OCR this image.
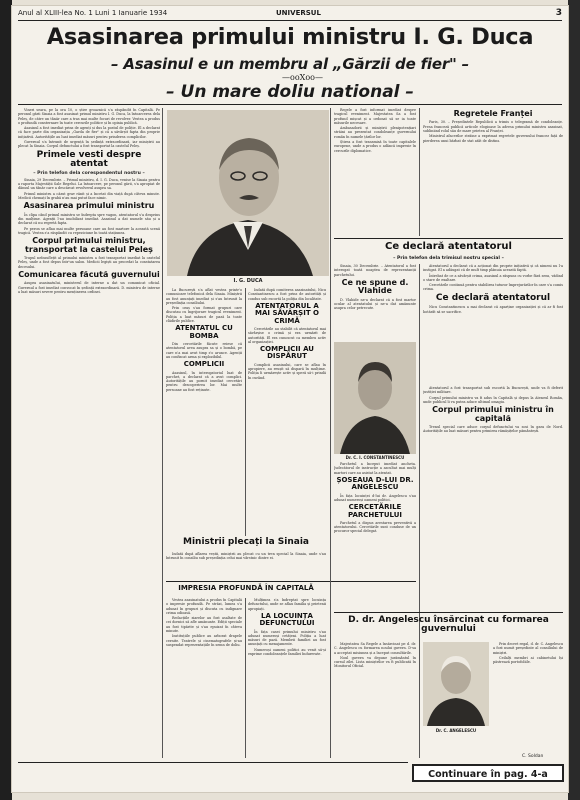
Anul al XLIII-lea No. 1 Luni 1 Ianuarie 1934	UNIVERSUL	3
Asasinarea primului ministru I. G. Duca
– Asasinul e un membru al „Gărzii de fier" –
—ooXoo—
– Un mare doliu national –

Vineri seara, pe la ora 10, o știre groaznică s'a răspândit în Capitală. Pe peronul gării Sinaia a fost asasinat primul ministru I. G. Duca, la întoarcerea dela Peleș, de către un tânăr care a tras mai multe focuri de revolver. Vestea a produs o profundă consternare în toate cercurile politice și în opinia publică.

Asasinul a fost imediat prins de agenți și dus la postul de poliție. El a declarat că face parte din organizația „Garda de fier" și că a săvârșit fapta din proprie inițiativă. Autoritățile au luat imediat măsuri pentru prinderea complicilor.

Guvernul s'a întrunit de urgență în ședință extraordinară, iar miniștrii au plecat la Sinaia. Corpul defunctului a fost transportat la castelul Peleș.

Primele vesti despre atentat
– Prin telefon dela corespondentul nostru –

Sinaia, 29 Decembrie. – Primul ministru, d. I. G. Duca, venise la Sinaia pentru a raporta Majestății Sale Regelui. La întoarcere, pe peronul gării, s'a apropiat de dânsul un tânăr care a descărcat revolverul asupra sa.

Primul ministru a căzut grav rănit și a încetat din viață după câteva minute. Medicii chemați în grabă n'au mai putut face nimic.

Asasinarea primului ministru

În clipa când primul ministru se îndrepta spre vagon, atentatorul s'a desprins din mulțime. Agenții l-au imobilizat imediat. Asasinul a dat numele său și a declarat că nu regretă fapta.

Pe peron se aflau mai multe persoane care au fost martore la această scenă tragică. Vestea s'a răspândit cu repeziciune în toată stațiunea.

Corpul primului ministru, transportat la castelul Peleș

Trupul neînsuflețit al primului ministru a fost transportat imediat la castelul Peleș, unde a fost depus într'un salon. Medicii legiști au procedat la constatarea decesului.

Comunicarea făcută guvernului

Asupra asasinatului, ministerul de interne a dat un comunicat oficial. Guvernul a fost imediat convocat în ședință extraordinară. D. ministru de interne a luat măsuri severe pentru menținerea ordinei.

I. G. DUCA

La București s'a aflat vestea printr'o comunicare telefonică dela Sinaia. Miniștrii au fost anunțați imediat și s'au întrunit la președinția consiliului.

Prin oraș s'au format grupuri care discutau cu îngrijorare tragicul eveniment. Poliția a luat măsuri de pază la toate clădirile publice.

ATENTATUL CU BOMBA

Din cercetările făcute reiese că atentatorul avea asupra sa și o bombă, pe care n'a mai avut timp s'o arunce. Agenții au confiscat arma și explozibilul.

COMPLICII

Asasinul, în interogatoriul luat de parchet, a declarat că a avut complici. Autoritățile au pornit imediat cercetări pentru descoperirea lor. Mai multe persoane au fost reținute.

Îndată după comiterea asasinatului, Nicu Constantinescu a fost prins de autorități și condus sub escortă la poliția din localitate.

ATENTATORUL A MAI SĂVÂRȘIT O CRIMĂ

Cercetările au stabilit că atentatorul mai săvârșise o crimă și era urmărit de autorități. El era cunoscut ca membru activ al organizației.

COMPLICII AU DISPĂRUT

Complicii asasinului, care se aflau în apropiere, au reușit să dispară în mulțime. Poliția îi urmărește activ și speră să-i prindă în curând.

Ministrii plecați la Sinaia

Îndată după aflarea veștii, miniștrii au plecat cu un tren special la Sinaia, unde s'au întrunit în consiliu sub președinția celui mai vârstnic dintre ei.

IMPRESIA PROFUNDĂ ÎN CAPITALĂ

Vestea asasinatului a produs în Capitală o impresie profundă. Pe străzi, lumea s'a adunat în grupuri și discuta cu indignare crima odioasă.

Redacțiile ziarelor au fost asaltate de cei dornici să afle amănunte. Ediții speciale au fost tipărite și s'au epuizat în câteva minute.

Instituțiile publice au arborat drapele cernite. Teatrele și cinematografele și-au suspendat reprezentațiile în semn de doliu.

Mulțimea s'a îndreptat spre locuința defunctului, unde se aflau familia și prietenii apropiați.

LA LOCUINȚA DEFUNCTULUI

În fața casei primului ministru s'au adunat numeroși cetățeni. Poliția a luat măsuri de pază. Membrii familiei au fost anunțați cu menajamente.

Numeroși oameni politici au venit să-și exprime condoleanțele familiei îndurerate.

Dr. C. I. CONSTANTINESCU

Regele a fost informat imediat despre tragicul eveniment. Majestatea Sa a fost profund mișcat și a ordonat să se ia toate măsurile necesare.

Ambasadorii și miniștrii plenipotențiari străini au prezentat condoleanțe guvernului român în numele țărilor lor.

Știrea a fost transmisă în toate capitalele europene, unde a produs o adâncă impresie în cercurile diplomatice.

Regretele Franței

Paris, 30. – Președintele Republicii a trimis o telegramă de condoleanțe. Presa franceză publică articole elogioase la adresa primului ministru asasinat, subliniind rolul său de mare prieten al Franței.

Ministrul afacerilor străine a exprimat regretele guvernului francez față de pierderea unui bărbat de stat atât de distins.

Ce declară atentatorul
– Prin telefon dela trimisul nostru special –

Sinaia, 30 Decembrie. – Atentatorul a fost interogat toată noaptea de reprezentanții parchetului.

Ce ne spune d. Vlahide

D. Vlahide ne-a declarat că a fost martor ocular al atentatului și ne-a dat amănunte asupra celor petrecute.

Atentatorul a declarat că a acționat din proprie inițiativă și că nimeni nu l-a instigat. El a adăugat că de mult timp plănuia această faptă.

Întrebat de ce a săvârșit crima, asasinul a răspuns cu vorbe fără sens, vădind o stare de exaltare.

Cercetările continuă pentru stabilirea tuturor împrejurărilor în care s'a comis crima.

Ce declară atentatorul

Nicu Constantinescu a mai declarat că aparține organizației și că ar fi fost hotărât să se sacrifice.

Parchetul a început imediat ancheta. Judecătorul de instrucție a ascultat mai mulți martori care au asistat la atentat.

ȘOSEAUA D-LUI DR. ANGELESCU

În fața locuinței d-lui dr. Angelescu s'au adunat numeroși oameni politici.

CERCETĂRILE PARCHETULUI

Parchetul a dispus arestarea preventivă a atentatorului. Cercetările sunt conduse de un procuror special delegat.

Atentatorul a fost transportat sub escortă la București, unde va fi deferit justiției militare.

Corpul primului ministru va fi adus în Capitală și depus la Ateneul Român, unde publicul îi va putea aduce ultimul omagiu.

Corpul primului ministru în capitală

Trenul special care aduce corpul defunctului va sosi în gara de Nord. Autoritățile au luat măsuri pentru primirea rămășițelor pământești.

D. dr. Angelescu însărcinat cu formarea guvernului
Dr. C. ANGELESCU

Majestatea Sa Regele a însărcinat pe d. dr. C. Angelescu cu formarea noului guvern. D-sa a acceptat misiunea și a început consultările.

Noul guvern va depune jurământul în cursul zilei. Lista miniștrilor va fi publicată în Monitorul Oficial.

Prin decret regal, d. dr. C. Angelescu a fost numit președinte al consiliului de miniștri.

Ceilalți membri ai cabinetului își păstrează portofoliile.

C. Soldan
Continuare în pag. 4-a
